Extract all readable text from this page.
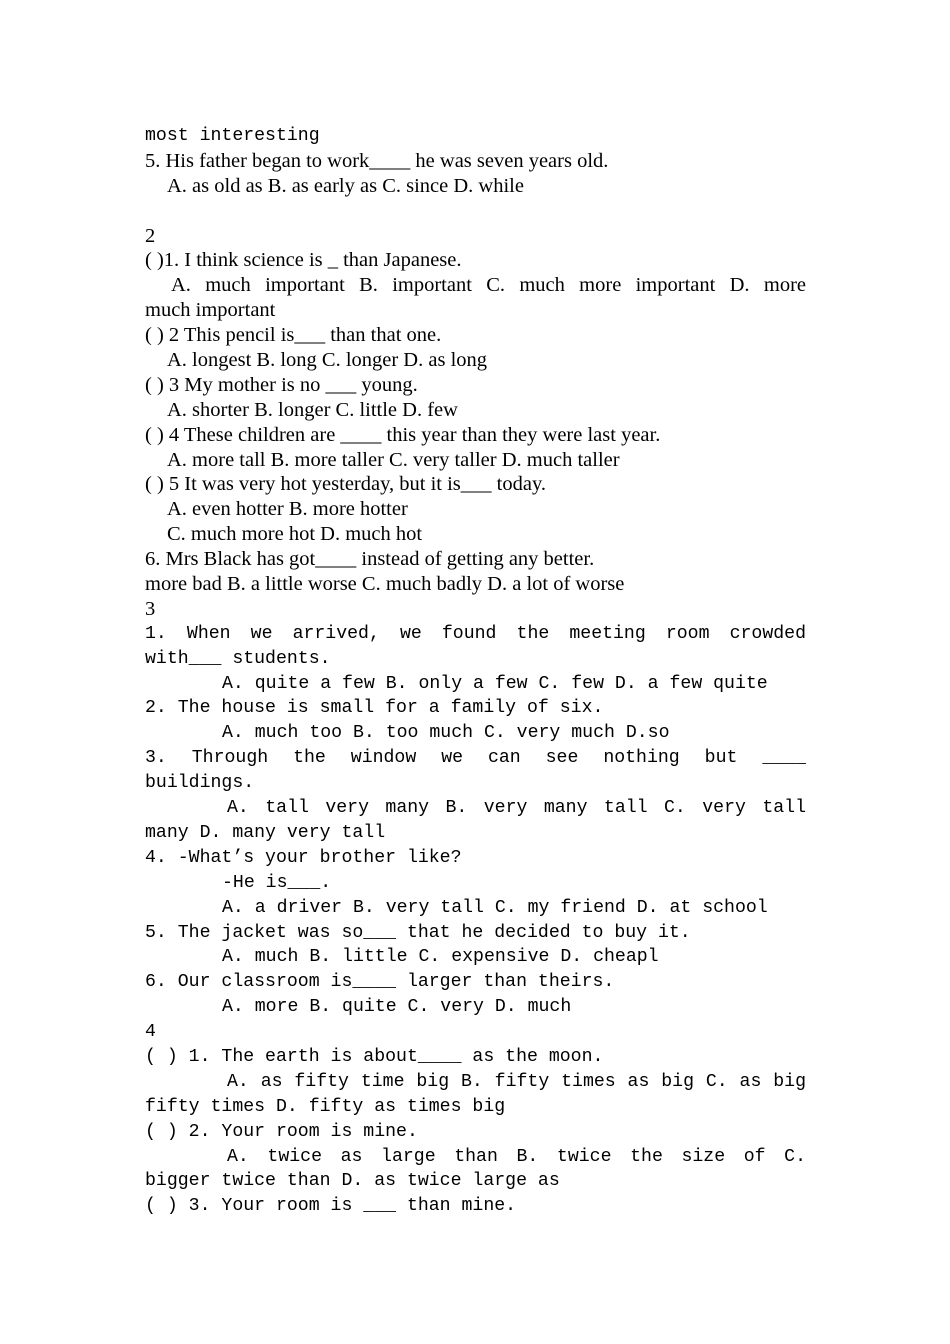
most interesting
5. His father began to work____ he was seven years old.
A. as old as B. as early as C. since D. while
2
( )1. I think science is _ than Japanese.
A. much important B. important C. much more important D. more
much important
( ) 2 This pencil is___ than that one.
A. longest B. long C. longer D. as long
( ) 3 My mother is no ___ young.
A. shorter B. longer C. little D. few
( ) 4 These children are ____ this year than they were last year.
A. more tall B. more taller C. very taller D. much taller
( ) 5 It was very hot yesterday, but it is___ today.
A. even hotter B. more hotter
C. much more hot D. much hot
6. Mrs Black has got____ instead of getting any better.
more bad B. a little worse C. much badly D. a lot of worse
3
1. When we arrived, we found the meeting room crowded
with___ students.
A. quite a few B. only a few C. few D. a few quite
2. The house is small for a family of six.
A. much too B. too much C. very much D.so
3. Through the window we can see nothing but ____
buildings.
A. tall very many B. very many tall C. very tall
many D. many very tall
4. -What’s your brother like?
-He is___.
A. a driver B. very tall C. my friend D. at school
5. The jacket was so___ that he decided to buy it.
A. much B. little C. expensive D. cheapl
6. Our classroom is____ larger than theirs.
A. more B. quite C. very D. much
4
( ) 1. The earth is about____ as the moon.
A. as fifty time big B. fifty times as big C. as big
fifty times D. fifty as times big
( ) 2. Your room is mine.
A. twice as large than B. twice the size of C.
bigger twice than D. as twice large as
( ) 3. Your room is ___ than mine.
